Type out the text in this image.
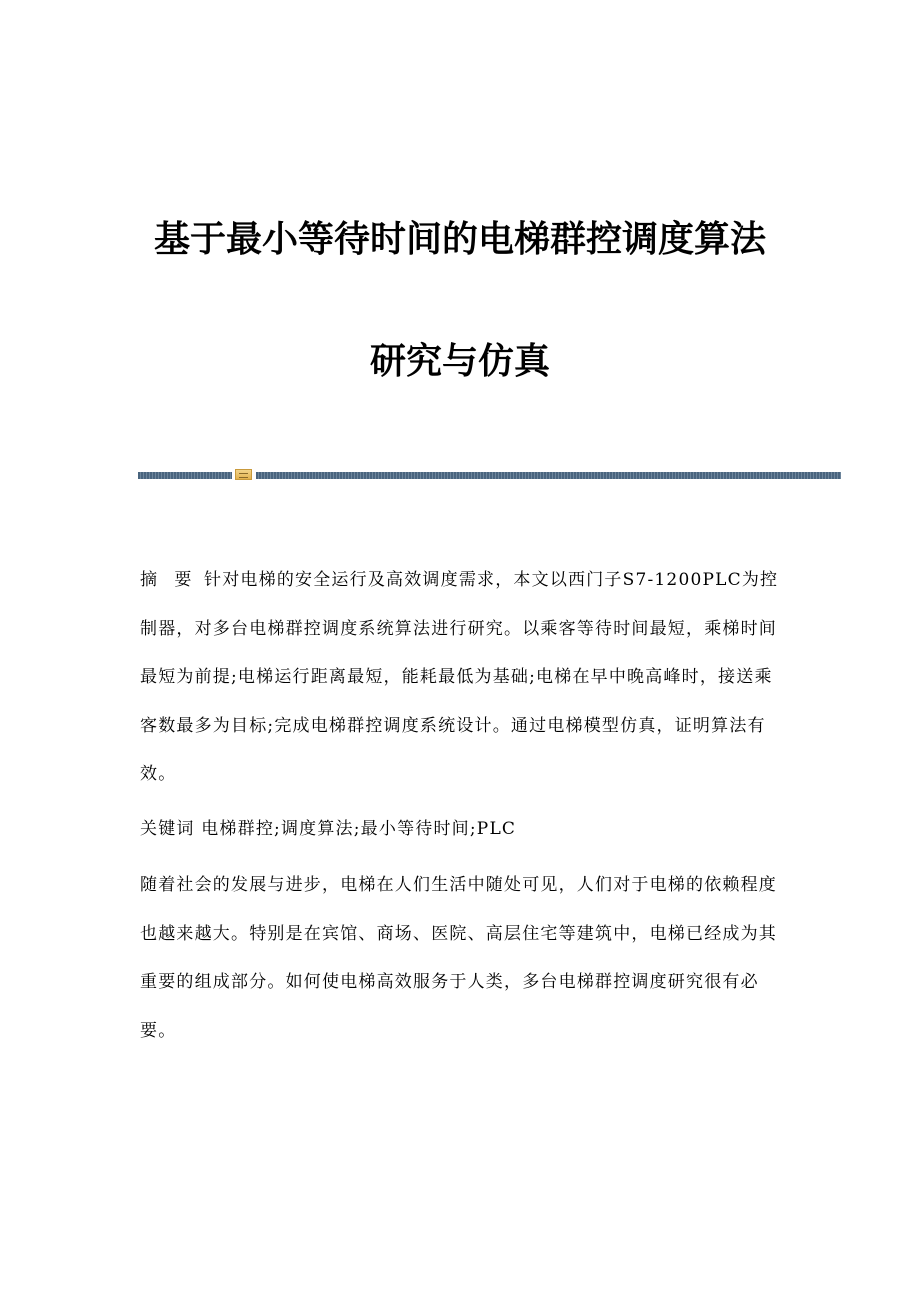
基于最小等待时间的电梯群控调度算法
研究与仿真

摘 要 针对电梯的安全运行及高效调度需求，本文以西门子S7-1200PLC为控制器，对多台电梯群控调度系统算法进行研究。以乘客等待时间最短，乘梯时间最短为前提;电梯运行距离最短，能耗最低为基础;电梯在早中晚高峰时，接送乘客数最多为目标;完成电梯群控调度系统设计。通过电梯模型仿真，证明算法有效。

关键词 电梯群控;调度算法;最小等待时间;PLC

随着社会的发展与进步，电梯在人们生活中随处可见，人们对于电梯的依赖程度也越来越大。特别是在宾馆、商场、医院、高层住宅等建筑中，电梯已经成为其重要的组成部分。如何使电梯高效服务于人类，多台电梯群控调度研究很有必要。
